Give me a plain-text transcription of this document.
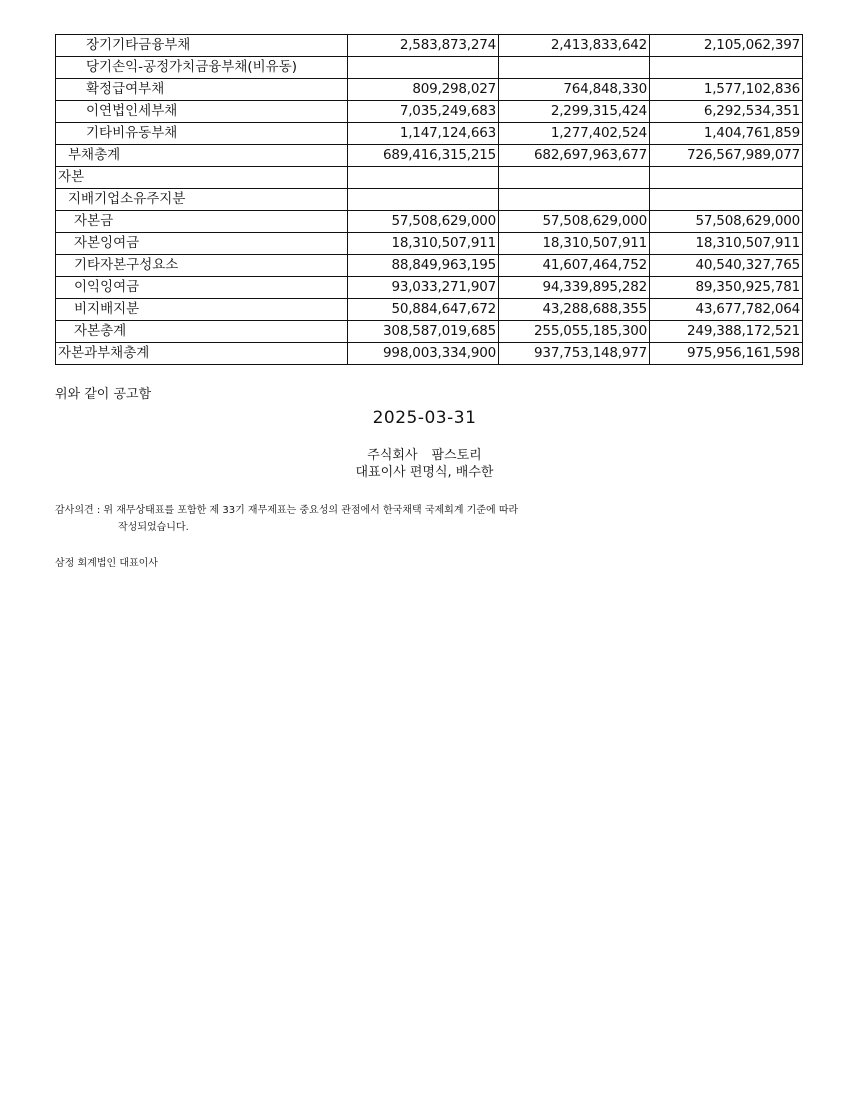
장기기타금융부채	2,583,873,274	2,413,833,642	2,105,062,397
당기손익-공정가치금융부채(비유동)			
확정급여부채	809,298,027	764,848,330	1,577,102,836
이연법인세부채	7,035,249,683	2,299,315,424	6,292,534,351
기타비유동부채	1,147,124,663	1,277,402,524	1,404,761,859
부채총계	689,416,315,215	682,697,963,677	726,567,989,077
자본			
지배기업소유주지분			
자본금	57,508,629,000	57,508,629,000	57,508,629,000
자본잉여금	18,310,507,911	18,310,507,911	18,310,507,911
기타자본구성요소	88,849,963,195	41,607,464,752	40,540,327,765
이익잉여금	93,033,271,907	94,339,895,282	89,350,925,781
비지배지분	50,884,647,672	43,288,688,355	43,677,782,064
자본총계	308,587,019,685	255,055,185,300	249,388,172,521
자본과부채총계	998,003,334,900	937,753,148,977	975,956,161,598
위와 같이 공고함
2025-03-31
주식회사 팜스토리
대표이사 편명식, 배수한
감사의견 : 위 재무상태표를 포함한 제 33기 재무제표는 중요성의 관점에서 한국채택 국제회계 기준에 따라
작성되었습니다.
삼정 회계법인 대표이사
